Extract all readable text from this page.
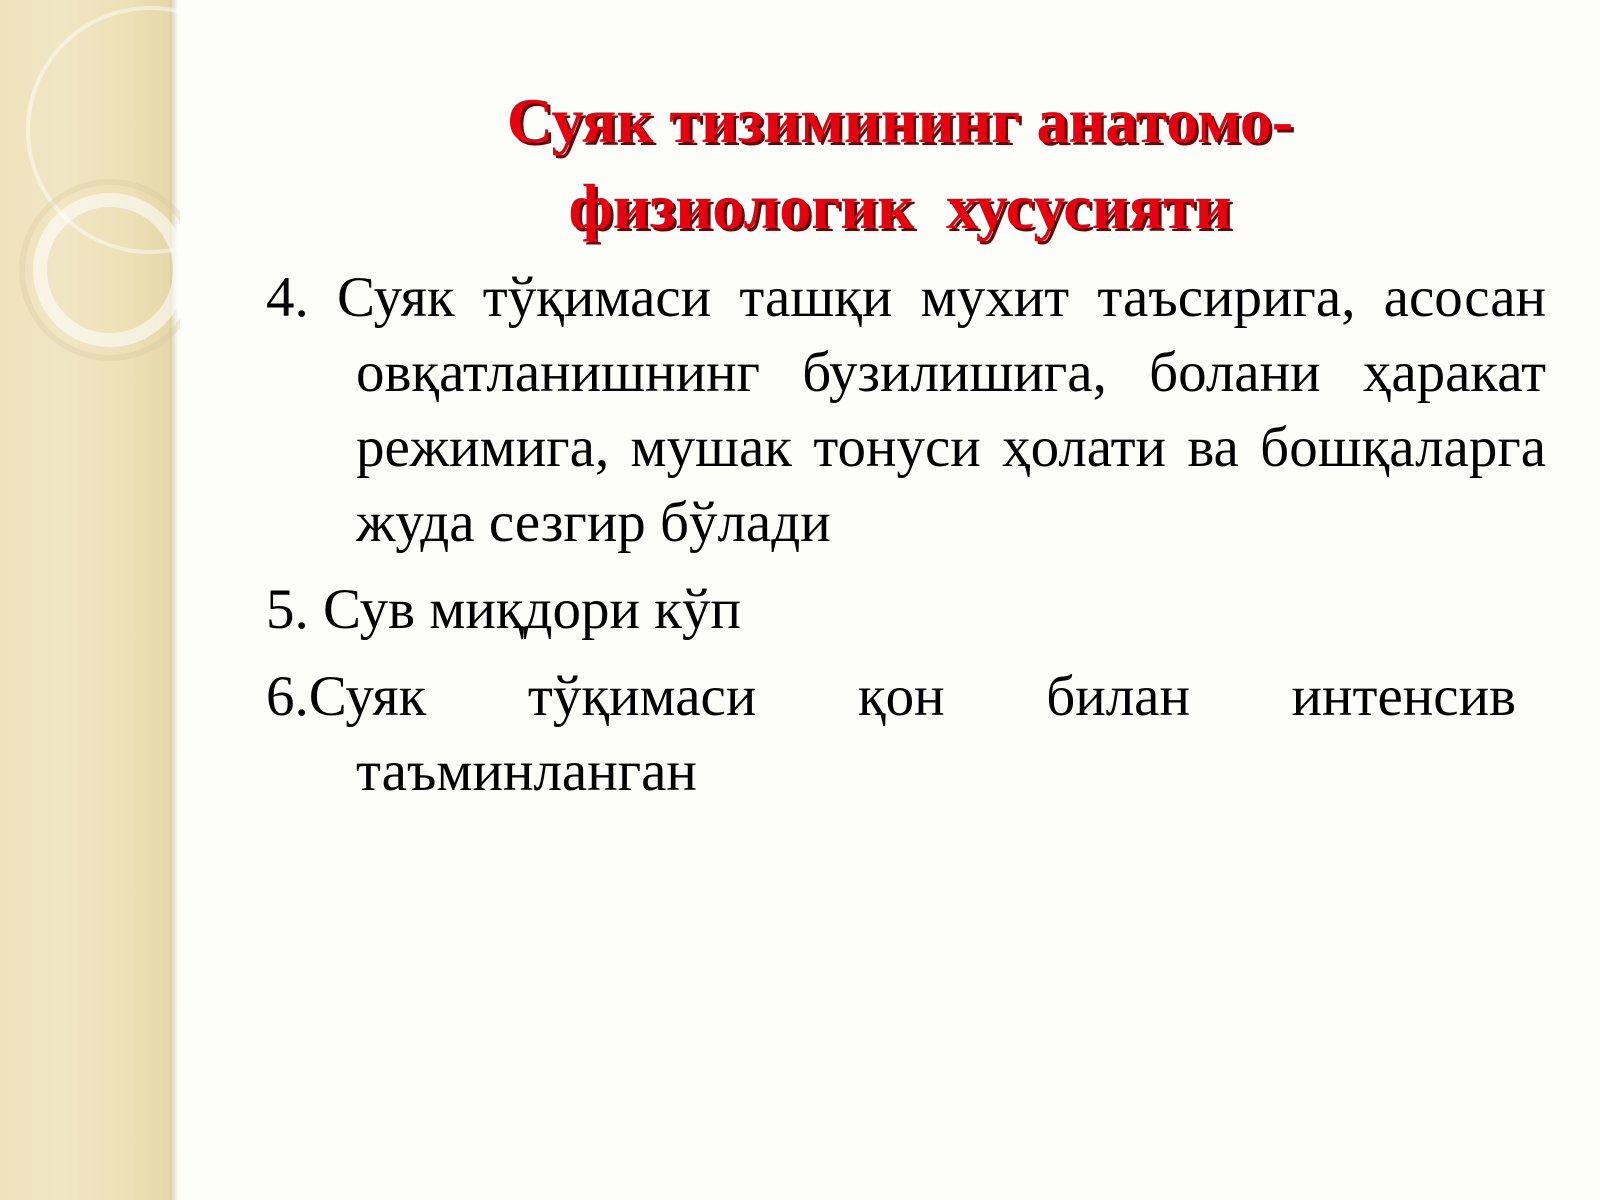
Суяк тизимининг анатомо-
физиологик  хусусияти

4. Суяк тўқимаси ташқи мухит таъсирига, асосан овқатланишнинг бузилишига, болани ҳаракат режимига, мушак тонуси ҳолати ва бошқаларга жуда сезгир бўлади

5. Сув миқдори кўп

6.Суяк тўқимаси қон билан интенсив
таъминланган
